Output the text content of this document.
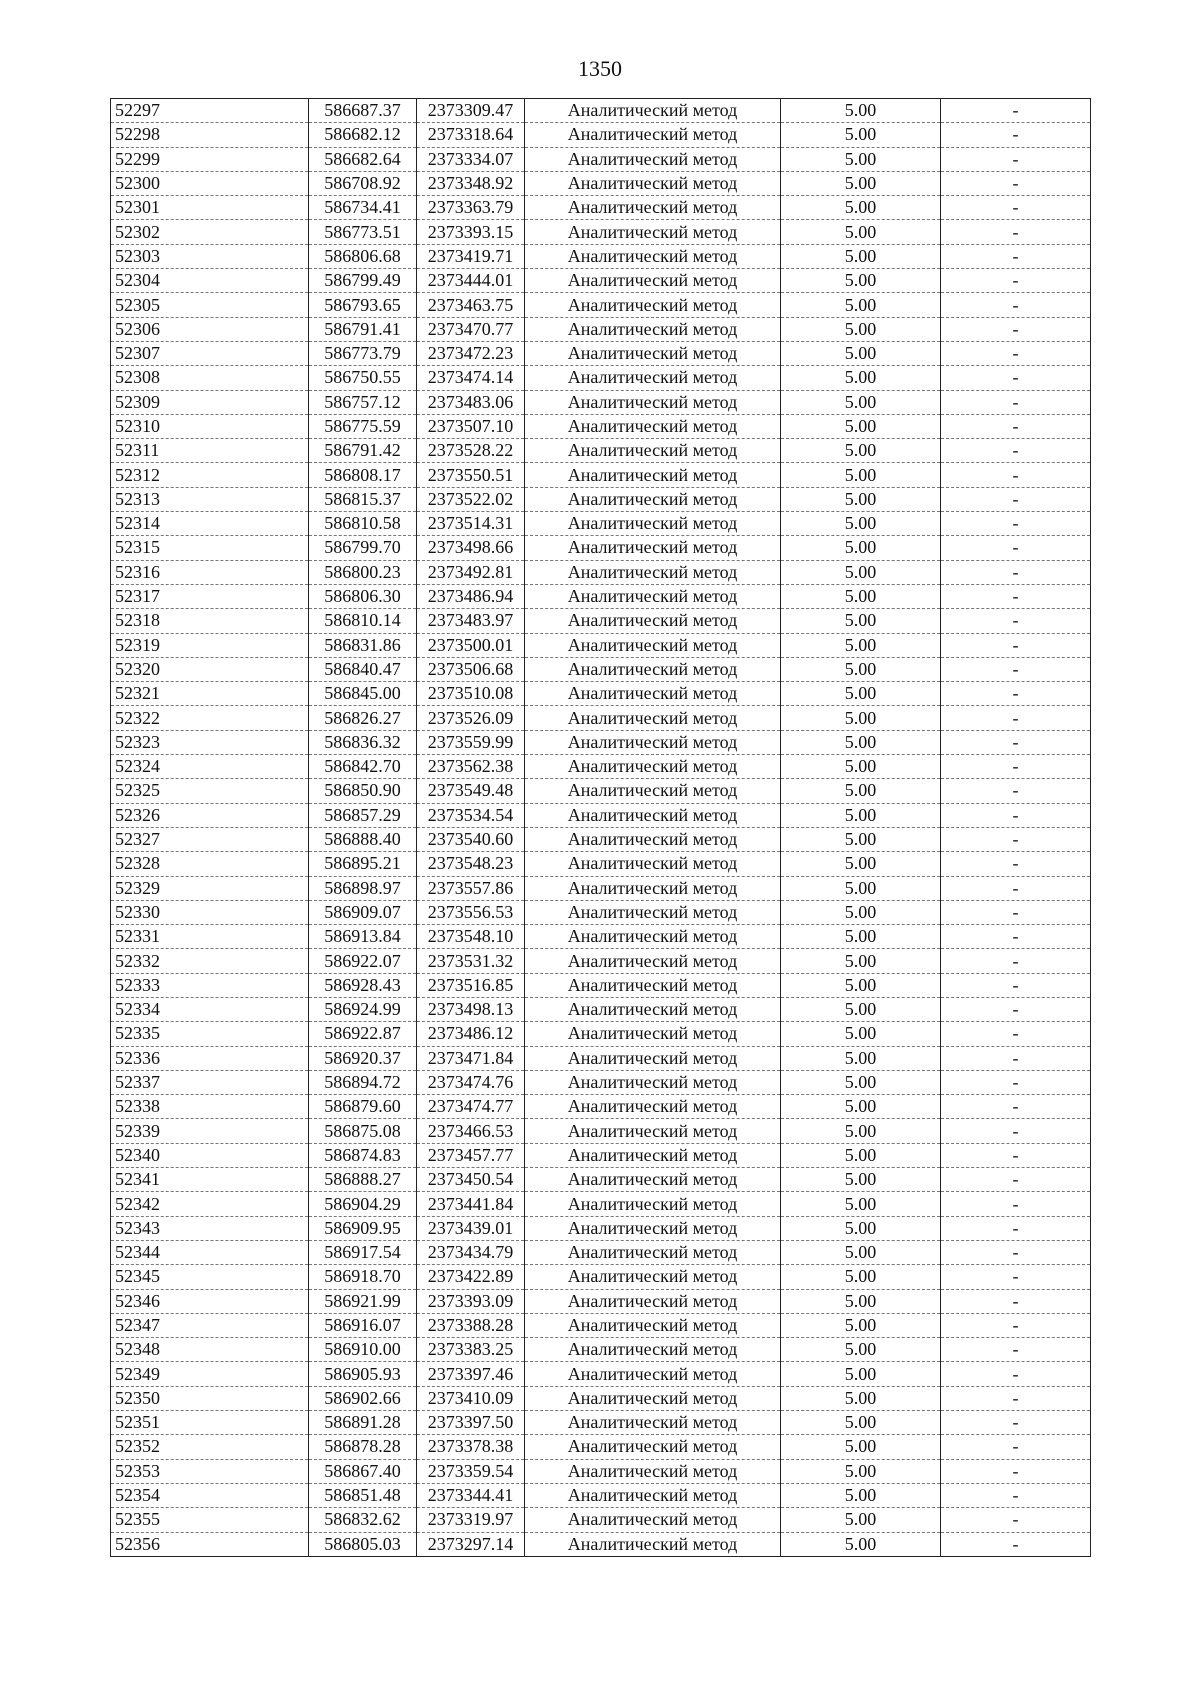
1350
52297	586687.37	2373309.47	Аналитический метод	5.00	-
52298	586682.12	2373318.64	Аналитический метод	5.00	-
52299	586682.64	2373334.07	Аналитический метод	5.00	-
52300	586708.92	2373348.92	Аналитический метод	5.00	-
52301	586734.41	2373363.79	Аналитический метод	5.00	-
52302	586773.51	2373393.15	Аналитический метод	5.00	-
52303	586806.68	2373419.71	Аналитический метод	5.00	-
52304	586799.49	2373444.01	Аналитический метод	5.00	-
52305	586793.65	2373463.75	Аналитический метод	5.00	-
52306	586791.41	2373470.77	Аналитический метод	5.00	-
52307	586773.79	2373472.23	Аналитический метод	5.00	-
52308	586750.55	2373474.14	Аналитический метод	5.00	-
52309	586757.12	2373483.06	Аналитический метод	5.00	-
52310	586775.59	2373507.10	Аналитический метод	5.00	-
52311	586791.42	2373528.22	Аналитический метод	5.00	-
52312	586808.17	2373550.51	Аналитический метод	5.00	-
52313	586815.37	2373522.02	Аналитический метод	5.00	-
52314	586810.58	2373514.31	Аналитический метод	5.00	-
52315	586799.70	2373498.66	Аналитический метод	5.00	-
52316	586800.23	2373492.81	Аналитический метод	5.00	-
52317	586806.30	2373486.94	Аналитический метод	5.00	-
52318	586810.14	2373483.97	Аналитический метод	5.00	-
52319	586831.86	2373500.01	Аналитический метод	5.00	-
52320	586840.47	2373506.68	Аналитический метод	5.00	-
52321	586845.00	2373510.08	Аналитический метод	5.00	-
52322	586826.27	2373526.09	Аналитический метод	5.00	-
52323	586836.32	2373559.99	Аналитический метод	5.00	-
52324	586842.70	2373562.38	Аналитический метод	5.00	-
52325	586850.90	2373549.48	Аналитический метод	5.00	-
52326	586857.29	2373534.54	Аналитический метод	5.00	-
52327	586888.40	2373540.60	Аналитический метод	5.00	-
52328	586895.21	2373548.23	Аналитический метод	5.00	-
52329	586898.97	2373557.86	Аналитический метод	5.00	-
52330	586909.07	2373556.53	Аналитический метод	5.00	-
52331	586913.84	2373548.10	Аналитический метод	5.00	-
52332	586922.07	2373531.32	Аналитический метод	5.00	-
52333	586928.43	2373516.85	Аналитический метод	5.00	-
52334	586924.99	2373498.13	Аналитический метод	5.00	-
52335	586922.87	2373486.12	Аналитический метод	5.00	-
52336	586920.37	2373471.84	Аналитический метод	5.00	-
52337	586894.72	2373474.76	Аналитический метод	5.00	-
52338	586879.60	2373474.77	Аналитический метод	5.00	-
52339	586875.08	2373466.53	Аналитический метод	5.00	-
52340	586874.83	2373457.77	Аналитический метод	5.00	-
52341	586888.27	2373450.54	Аналитический метод	5.00	-
52342	586904.29	2373441.84	Аналитический метод	5.00	-
52343	586909.95	2373439.01	Аналитический метод	5.00	-
52344	586917.54	2373434.79	Аналитический метод	5.00	-
52345	586918.70	2373422.89	Аналитический метод	5.00	-
52346	586921.99	2373393.09	Аналитический метод	5.00	-
52347	586916.07	2373388.28	Аналитический метод	5.00	-
52348	586910.00	2373383.25	Аналитический метод	5.00	-
52349	586905.93	2373397.46	Аналитический метод	5.00	-
52350	586902.66	2373410.09	Аналитический метод	5.00	-
52351	586891.28	2373397.50	Аналитический метод	5.00	-
52352	586878.28	2373378.38	Аналитический метод	5.00	-
52353	586867.40	2373359.54	Аналитический метод	5.00	-
52354	586851.48	2373344.41	Аналитический метод	5.00	-
52355	586832.62	2373319.97	Аналитический метод	5.00	-
52356	586805.03	2373297.14	Аналитический метод	5.00	-
